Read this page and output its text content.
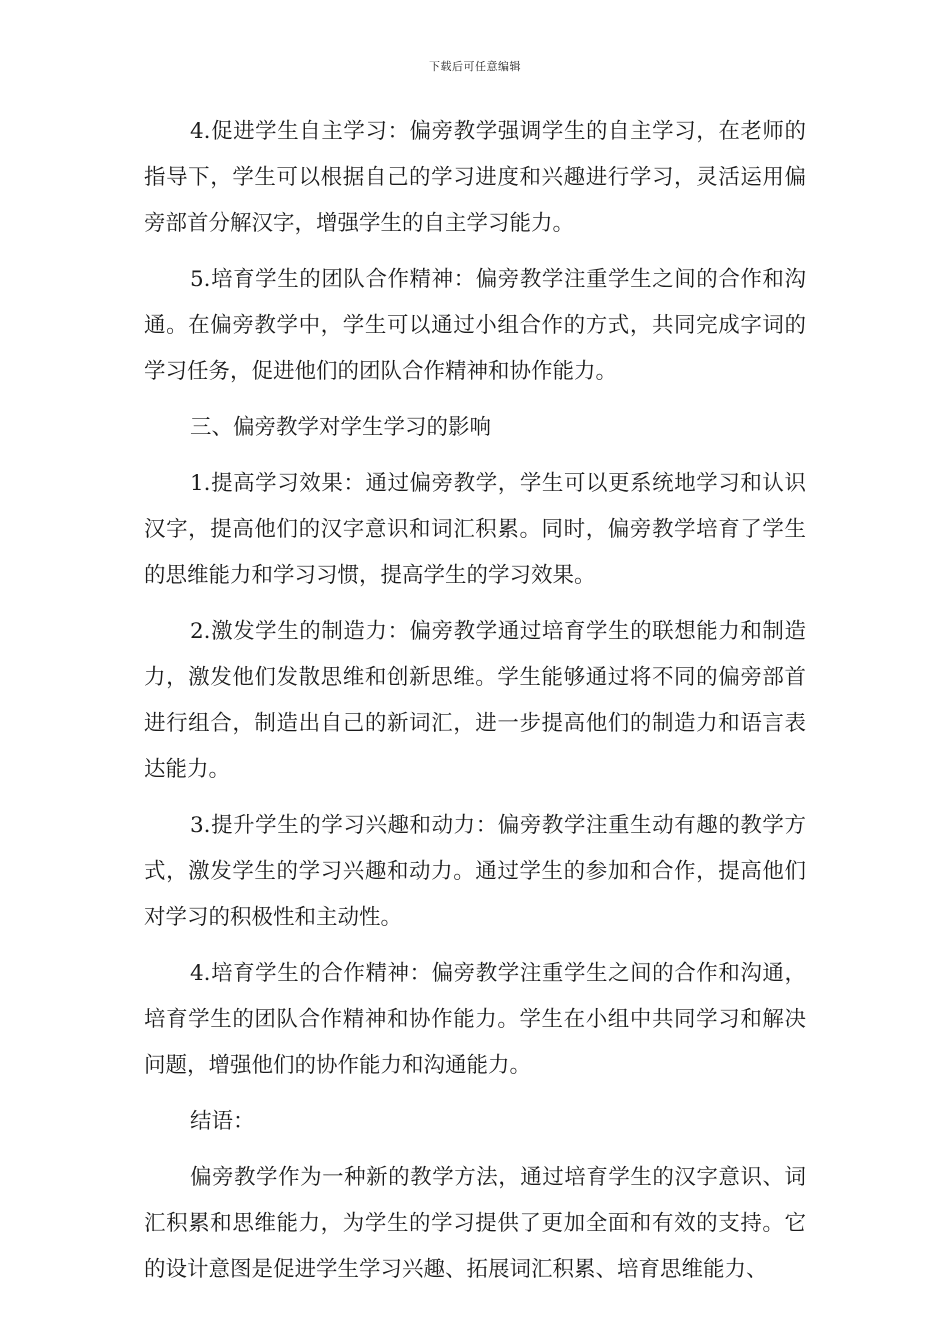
下载后可任意编辑

4.促进学生自主学习：偏旁教学强调学生的自主学习，在老师的指导下，学生可以根据自己的学习进度和兴趣进行学习，灵活运用偏旁部首分解汉字，增强学生的自主学习能力。

5.培育学生的团队合作精神：偏旁教学注重学生之间的合作和沟通。在偏旁教学中，学生可以通过小组合作的方式，共同完成字词的学习任务，促进他们的团队合作精神和协作能力。

三、偏旁教学对学生学习的影响

1.提高学习效果：通过偏旁教学，学生可以更系统地学习和认识汉字，提高他们的汉字意识和词汇积累。同时，偏旁教学培育了学生的思维能力和学习习惯，提高学生的学习效果。

2.激发学生的制造力：偏旁教学通过培育学生的联想能力和制造力，激发他们发散思维和创新思维。学生能够通过将不同的偏旁部首进行组合，制造出自己的新词汇，进一步提高他们的制造力和语言表达能力。

3.提升学生的学习兴趣和动力：偏旁教学注重生动有趣的教学方式，激发学生的学习兴趣和动力。通过学生的参加和合作，提高他们对学习的积极性和主动性。

4.培育学生的合作精神：偏旁教学注重学生之间的合作和沟通，培育学生的团队合作精神和协作能力。学生在小组中共同学习和解决问题，增强他们的协作能力和沟通能力。

结语：

偏旁教学作为一种新的教学方法，通过培育学生的汉字意识、词汇积累和思维能力，为学生的学习提供了更加全面和有效的支持。它的设计意图是促进学生学习兴趣、拓展词汇积累、培育思维能力、
